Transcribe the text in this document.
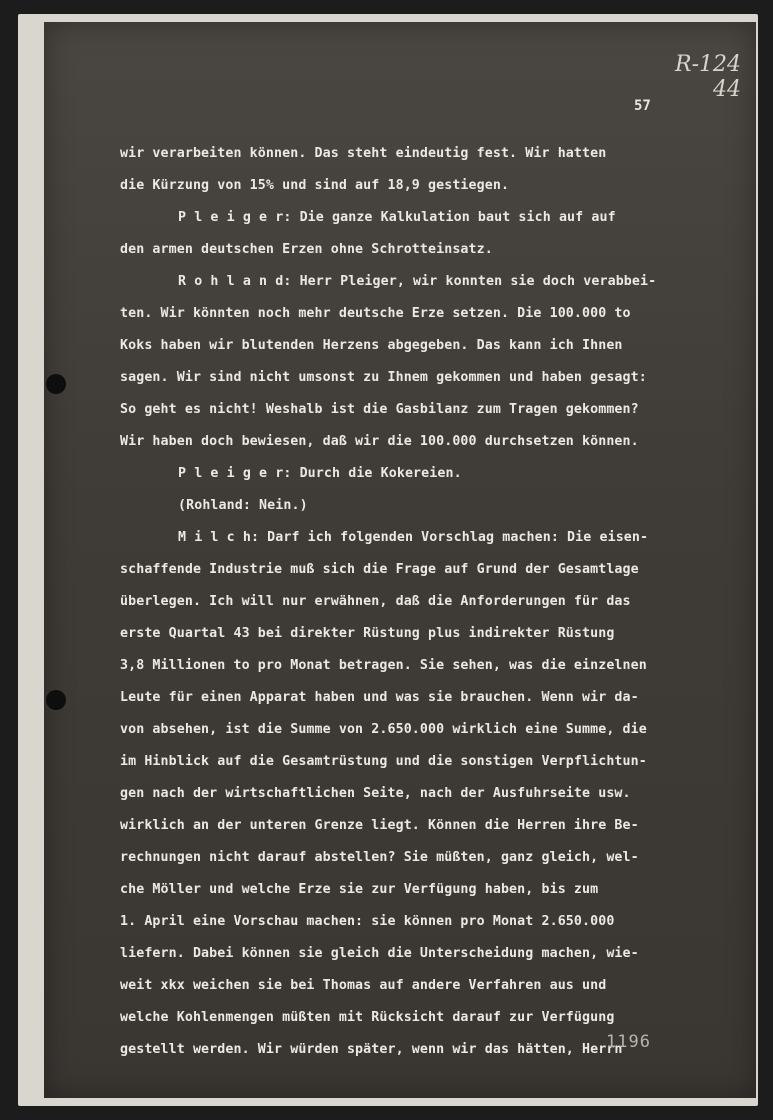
R-124
44
57
wir verarbeiten können. Das steht eindeutig fest. Wir hatten
die Kürzung von 15% und sind auf 18,9 gestiegen.
P l e i g e r: Die ganze Kalkulation baut sich auf auf
den armen deutschen Erzen ohne Schrotteinsatz.
R o h l a n d: Herr Pleiger, wir konnten sie doch verabbei-
ten. Wir könnten noch mehr deutsche Erze setzen. Die 100.000 to
Koks haben wir blutenden Herzens abgegeben. Das kann ich Ihnen
sagen. Wir sind nicht umsonst zu Ihnem gekommen und haben gesagt:
So geht es nicht! Weshalb ist die Gasbilanz zum Tragen gekommen?
Wir haben doch bewiesen, daß wir die 100.000 durchsetzen können.
P l e i g e r: Durch die Kokereien.
(Rohland: Nein.)
M i l c h: Darf ich folgenden Vorschlag machen: Die eisen-
schaffende Industrie muß sich die Frage auf Grund der Gesamtlage
überlegen. Ich will nur erwähnen, daß die Anforderungen für das
erste Quartal 43 bei direkter Rüstung plus indirekter Rüstung
3,8 Millionen to pro Monat betragen. Sie sehen, was die einzelnen
Leute für einen Apparat haben und was sie brauchen. Wenn wir da-
von absehen, ist die Summe von 2.650.000 wirklich eine Summe, die
im Hinblick auf die Gesamtrüstung und die sonstigen Verpflichtun-
gen nach der wirtschaftlichen Seite, nach der Ausfuhrseite usw.
wirklich an der unteren Grenze liegt. Können die Herren ihre Be-
rechnungen nicht darauf abstellen? Sie müßten, ganz gleich, wel-
che Möller und welche Erze sie zur Verfügung haben, bis zum
1. April eine Vorschau machen: sie können pro Monat 2.650.000
liefern. Dabei können sie gleich die Unterscheidung machen, wie-
weit xkx weichen sie bei Thomas auf andere Verfahren aus und
welche Kohlenmengen müßten mit Rücksicht darauf zur Verfügung
gestellt werden. Wir würden später, wenn wir das hätten, Herrn
1196
